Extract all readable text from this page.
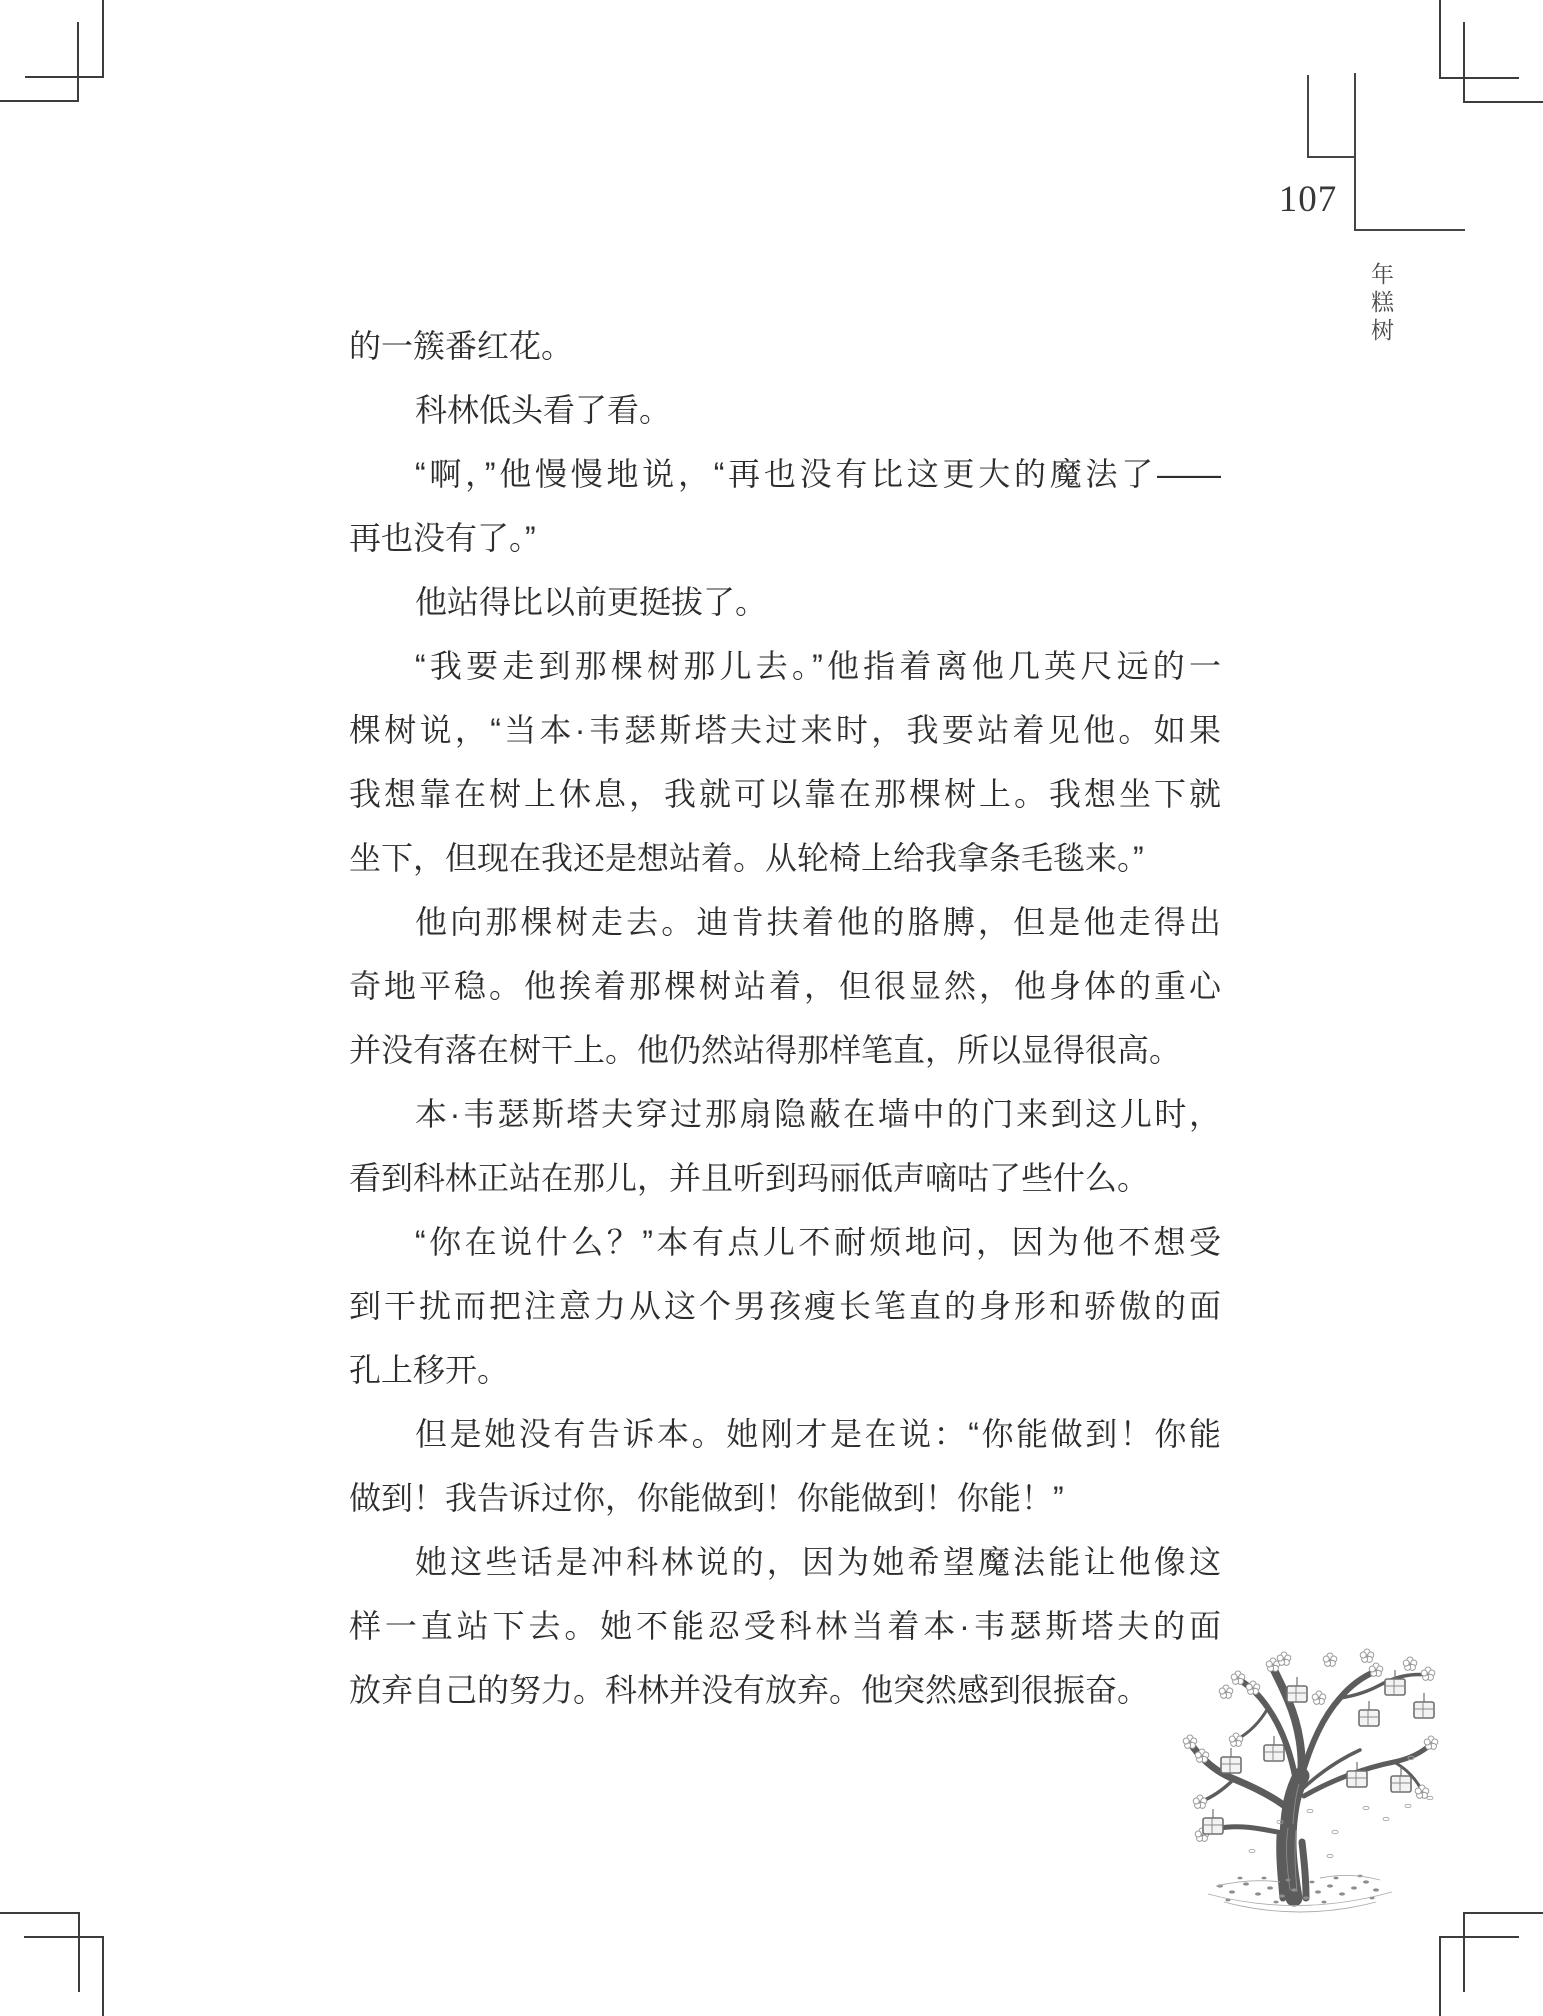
107
年糕树
的一簇番红花。
科林低头看了看。
“啊，”他慢慢地说，“再也没有比这更大的魔法了——
再也没有了。”
他站得比以前更挺拔了。
“我要走到那棵树那儿去。”他指着离他几英尺远的一
棵树说，“当本·韦瑟斯塔夫过来时，我要站着见他。如果
我想靠在树上休息，我就可以靠在那棵树上。我想坐下就
坐下，但现在我还是想站着。从轮椅上给我拿条毛毯来。”
他向那棵树走去。迪肯扶着他的胳膊，但是他走得出
奇地平稳。他挨着那棵树站着，但很显然，他身体的重心
并没有落在树干上。他仍然站得那样笔直，所以显得很高。
本·韦瑟斯塔夫穿过那扇隐蔽在墙中的门来到这儿时，
看到科林正站在那儿，并且听到玛丽低声嘀咕了些什么。
“你在说什么？”本有点儿不耐烦地问，因为他不想受
到干扰而把注意力从这个男孩瘦长笔直的身形和骄傲的面
孔上移开。
但是她没有告诉本。她刚才是在说：“你能做到！你能
做到！我告诉过你，你能做到！你能做到！你能！”
她这些话是冲科林说的，因为她希望魔法能让他像这
样一直站下去。她不能忍受科林当着本·韦瑟斯塔夫的面
放弃自己的努力。科林并没有放弃。他突然感到很振奋。
